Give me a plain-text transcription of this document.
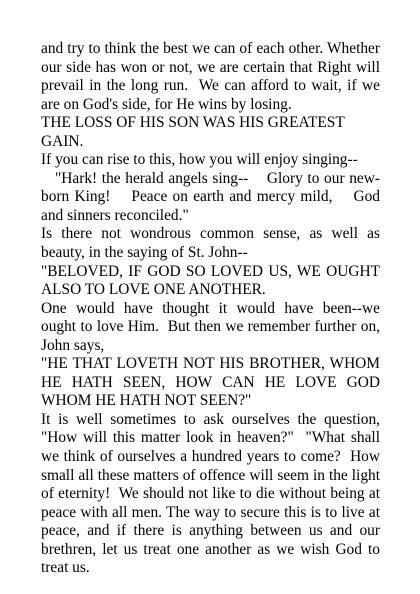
and try to think the best we can of each other. Whether our side has won or not, we are certain that Right will prevail in the long run.  We can afford to wait, if we are on God's side, for He wins by losing.

THE LOSS OF HIS SON WAS HIS GREATEST GAIN.

If you can rise to this, how you will enjoy singing--

"Hark! the herald angels sing--    Glory to our new-born King!    Peace on earth and mercy mild,    God and sinners reconciled."

Is there not wondrous common sense, as well as beauty, in the saying of St. John--

"BELOVED, IF GOD SO LOVED US, WE OUGHT ALSO TO LOVE ONE ANOTHER.

One would have thought it would have been--we ought to love Him.  But then we remember further on, John says,

"HE THAT LOVETH NOT HIS BROTHER, WHOM HE HATH SEEN, HOW CAN HE LOVE GOD WHOM HE HATH NOT SEEN?"

It is well sometimes to ask ourselves the question, "How will this matter look in heaven?"  "What shall we think of ourselves a hundred years to come?  How small all these matters of offence will seem in the light of eternity!  We should not like to die without being at peace with all men. The way to secure this is to live at peace, and if there is anything between us and our brethren, let us treat one another as we wish God to treat us.
